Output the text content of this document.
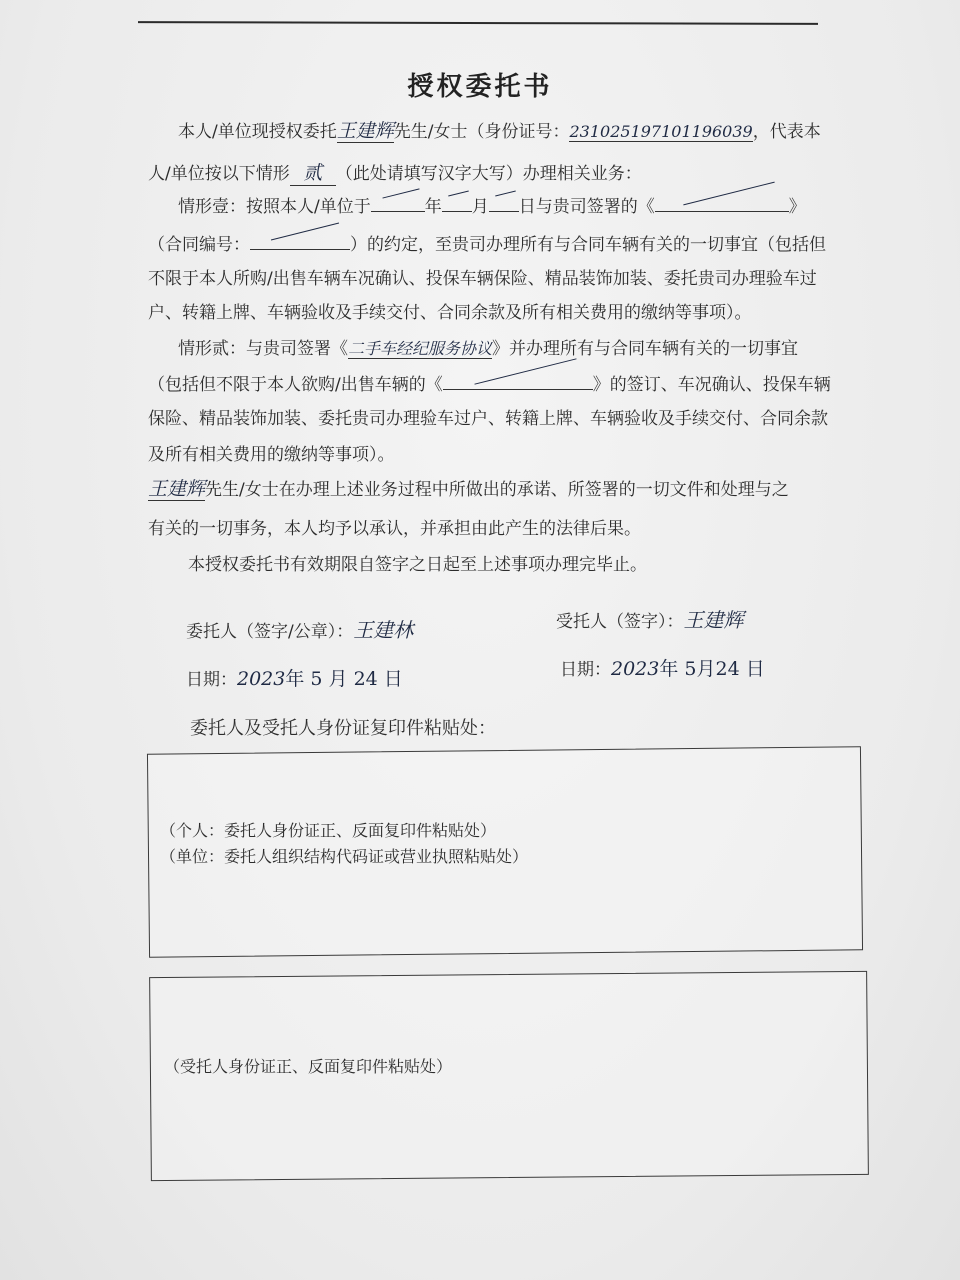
授权委托书
本人/单位现授权委托王建辉先生/女士（身份证号：231025197101196039，代表本
人/单位按以下情形 贰 （此处请填写汉字大写）办理相关业务：
情形壹：按照本人/单位于	年 月 日与贵司签署的《	》
（合同编号：	）的约定，至贵司办理所有与合同车辆有关的一切事宜（包括但
不限于本人所购/出售车辆车况确认、投保车辆保险、精品装饰加装、委托贵司办理验车过
户、转籍上牌、车辆验收及手续交付、合同余款及所有相关费用的缴纳等事项）。
情形贰：与贵司签署《二手车经纪服务协议》并办理所有与合同车辆有关的一切事宜
（包括但不限于本人欲购/出售车辆的《	》的签订、车况确认、投保车辆
保险、精品装饰加装、委托贵司办理验车过户、转籍上牌、车辆验收及手续交付、合同余款
及所有相关费用的缴纳等事项）。
王建辉先生/女士在办理上述业务过程中所做出的承诺、所签署的一切文件和处理与之
有关的一切事务，本人均予以承认，并承担由此产生的法律后果。
本授权委托书有效期限自签字之日起至上述事项办理完毕止。
委托人（签字/公章）：王建林	受托人（签字）：王建辉
日期：2023年 5 月 24 日	日期：2023年 5月24 日
委托人及受托人身份证复印件粘贴处：
（个人：委托人身份证正、反面复印件粘贴处）
（单位：委托人组织结构代码证或营业执照粘贴处）
（受托人身份证正、反面复印件粘贴处）
